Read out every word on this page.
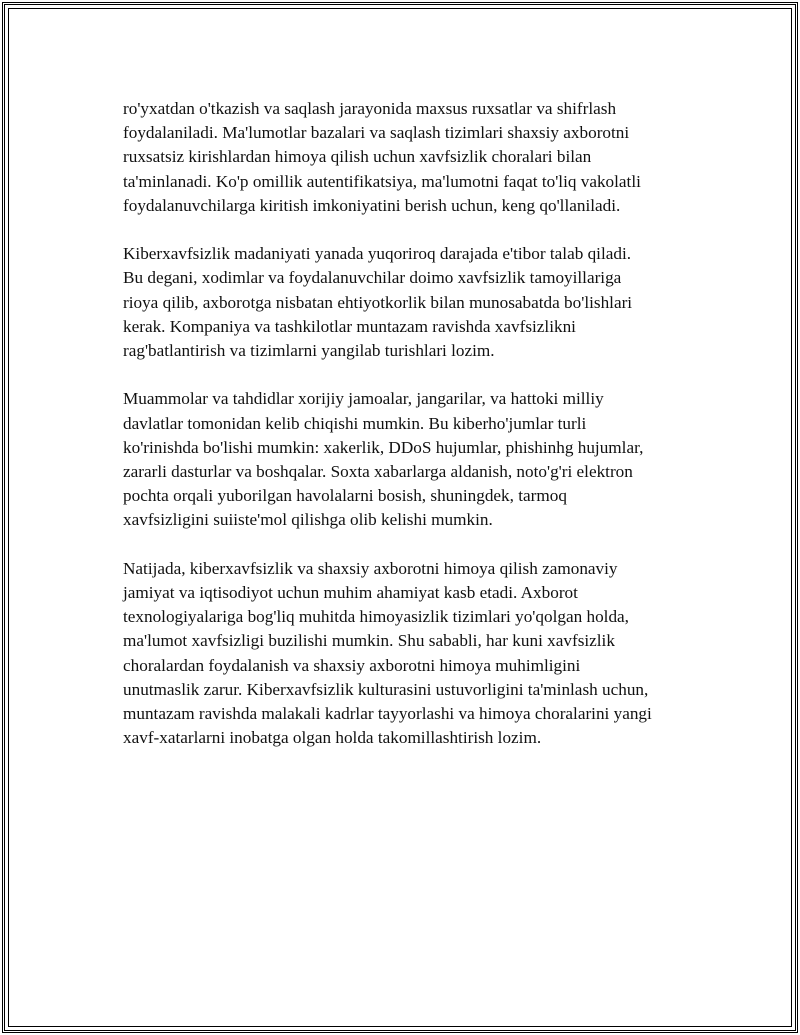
ro'yxatdan o'tkazish va saqlash jarayonida maxsus ruxsatlar va shifrlash
foydalaniladi. Ma'lumotlar bazalari va saqlash tizimlari shaxsiy axborotni
ruxsatsiz kirishlardan himoya qilish uchun xavfsizlik choralari bilan
ta'minlanadi. Ko'p omillik autentifikatsiya, ma'lumotni faqat to'liq vakolatli
foydalanuvchilarga kiritish imkoniyatini berish uchun, keng qo'llaniladi.

Kiberxavfsizlik madaniyati yanada yuqoriroq darajada e'tibor talab qiladi.
Bu degani, xodimlar va foydalanuvchilar doimo xavfsizlik tamoyillariga
rioya qilib, axborotga nisbatan ehtiyotkorlik bilan munosabatda bo'lishlari
kerak. Kompaniya va tashkilotlar muntazam ravishda xavfsizlikni
rag'batlantirish va tizimlarni yangilab turishlari lozim.

Muammolar va tahdidlar xorijiy jamoalar, jangarilar, va hattoki milliy
davlatlar tomonidan kelib chiqishi mumkin. Bu kiberho'jumlar turli
ko'rinishda bo'lishi mumkin: xakerlik, DDoS hujumlar, phishinhg hujumlar,
zararli dasturlar va boshqalar. Soxta xabarlarga aldanish, noto'g'ri elektron
pochta orqali yuborilgan havolalarni bosish, shuningdek, tarmoq
xavfsizligini suiiste'mol qilishga olib kelishi mumkin.

Natijada, kiberxavfsizlik va shaxsiy axborotni himoya qilish zamonaviy
jamiyat va iqtisodiyot uchun muhim ahamiyat kasb etadi. Axborot
texnologiyalariga bog'liq muhitda himoyasizlik tizimlari yo'qolgan holda,
ma'lumot xavfsizligi buzilishi mumkin. Shu sababli, har kuni xavfsizlik
choralardan foydalanish va shaxsiy axborotni himoya muhimligini
unutmaslik zarur. Kiberxavfsizlik kulturasini ustuvorligini ta'minlash uchun,
muntazam ravishda malakali kadrlar tayyorlashi va himoya choralarini yangi
xavf-xatarlarni inobatga olgan holda takomillashtirish lozim.
